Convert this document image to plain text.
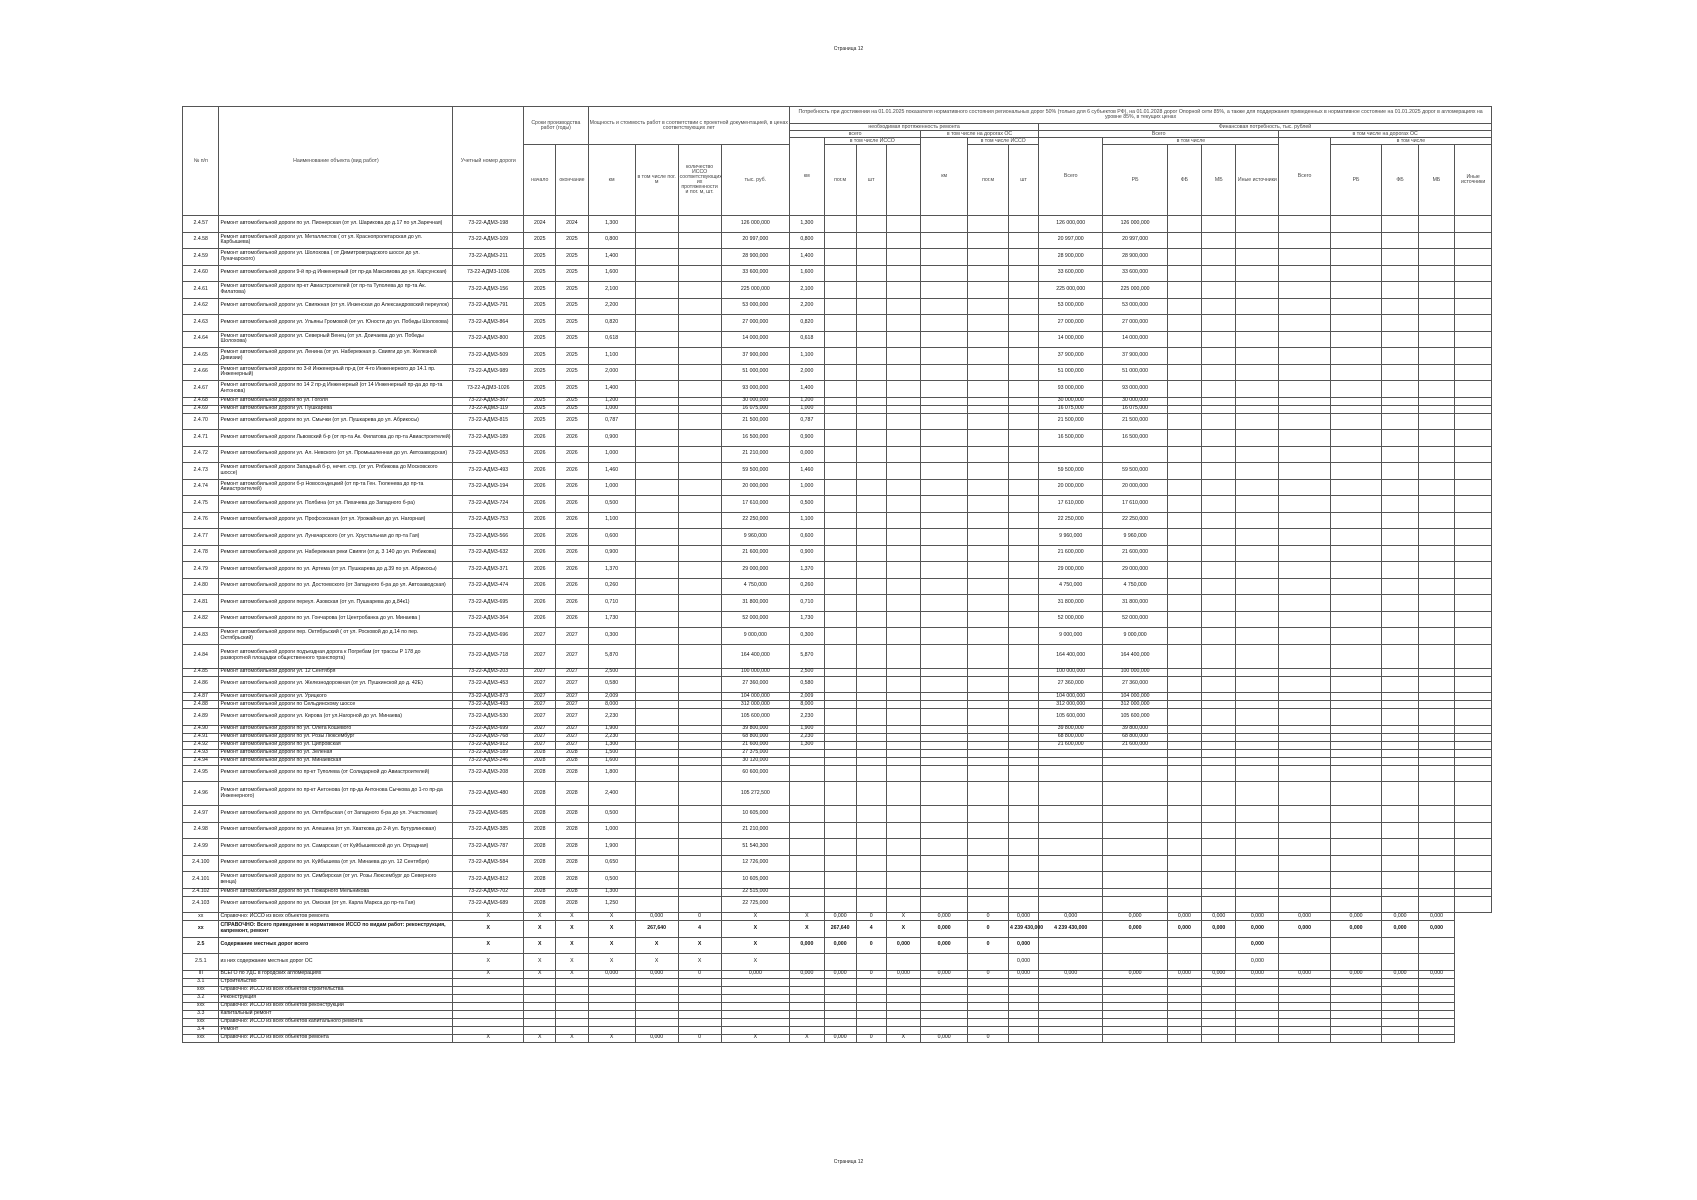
Страница 12
№ п/п	Наименование объекта (вид работ)	Учетный номер дороги	Сроки производства работ (годы)		Мощность и стоимость работ в соответствии с проектной документацией, в ценах соответствующих лет				Потребность при достижении на 01.01.2025 показателя нормативного состояния региональных дорог 50% (только для 6 субъектов РФ), на 01.01.2028 дорог Опорной сети 85%, а также для поддержания приведенных в нормативное состояние на 01.01.2025 дорог в агломерациях на уровне 85%, в текущих ценах																
									необходимая протяженность ремонта							Финансовая потребность, тыс. рублей									
									всего				в том числе на дорогах ОС			Всего					в том числе на дорогах ОС				
									км	в том числе ИССО			км	в том числе ИССО		Всего	в том числе				Всего	в том числе			
			начало	окончание	км	в том числе пог. м	количество ИССО соответствующих их протяженности и пог. м, шт.	тыс. руб.		пог.м	шт			пог.м	шт		РБ	ФБ	МБ	Иные источники		РБ	ФБ	МБ	Иные источники
2.4.57	Ремонт автомобильной дороги по ул. Пионерская (от ул. Шарикова до д.17 по ул.Заречная)	73-22-АДМ3-198	2024	2024	1,300			126 000,000	1,300							126 000,000	126 000,000								
2.4.58	Ремонт автомобильной дороги ул. Металлистов ( от ул. Краснопролетарская до ул. Карбышева)	73-22-АДМ3-109	2025	2025	0,800			20 997,000	0,800							20 997,000	20 997,000								
2.4.59	Ремонт автомобильной дороги ул. Шолохова ( от Димитровградского шоссе до ул. Луначарского)	73-22-АДМ3-211	2025	2025	1,400			28 900,000	1,400							28 900,000	28 900,000								
2.4.60	Ремонт автомобильной дороги 9-й пр-д Инженерный (от пр-да Максимова до ул. Карсунская)	73-22-АДМ3-1036	2025	2025	1,600			33 600,000	1,600							33 600,000	33 600,000								
2.4.61	Ремонт автомобильной дороги пр-кт Авиастроителей (от пр-та Туполева до пр-та Ак. Филатова)	73-22-АДМ3-156	2025	2025	2,100			225 000,000	2,100							225 000,000	225 000,000								
2.4.62	Ремонт автомобильной дороги ул. Свияжная (от ул. Инзенская до Александровский переулок)	73-22-АДМ3-791	2025	2025	2,200			53 000,000	2,200							53 000,000	53 000,000								
2.4.63	Ремонт автомобильной дороги ул. Ульяны Громовой (от ул. Юности до ул. Победы Шолохова)	73-22-АДМ3-864	2025	2025	0,820			27 000,000	0,820							27 000,000	27 000,000								
2.4.64	Ремонт автомобильной дороги ул. Северный Венец (от ул. Доичаева до ул. Победы Шолохова)	73-22-АДМ3-800	2025	2025	0,618			14 000,000	0,618							14 000,000	14 000,000								
2.4.65	Ремонт автомобильной дороги ул. Ленина (от ул. Набережная р. Свияги до ул. Железной Дивизии)	73-22-АДМ3-509	2025	2025	1,100			37 900,000	1,100							37 900,000	37 900,000								
2.4.66	Ремонт автомобильной дороги по 3-й Инженерный пр-д (от 4-го Инженерного до 14.1 пр. Инженерный)	73-22-АДМ3-989	2025	2025	2,000			51 000,000	2,000							51 000,000	51 000,000								
2.4.67	Ремонт автомобильной дороги по 14 2 пр-д Инженерный (от 14 Инженерный пр-да до пр-та Антонова)	73-22-АДМ3-1026	2025	2025	1,400			93 000,000	1,400							93 000,000	93 000,000								
2.4.68	Ремонт автомобильной дороги по ул. Гоголя	73-22-АДМ3-367	2025	2025	1,200			30 000,000	1,200							30 000,000	30 000,000								
2.4.69	Ремонт автомобильной дороги ул. Пушкарева	73-22-АДМ3-119	2025	2025	1,000			16 075,000	1,000							16 075,000	16 075,000								
2.4.70	Ремонт автомобильной дороги по ул. Смычки (от ул. Пушкарева до ул. Абрикосы)	73-22-АДМ3-815	2025	2025	0,787			21 500,000	0,787							21 500,000	21 500,000								
2.4.71	Ремонт автомобильной дороги Львовский б-р (от пр-та Ак. Филатова до пр-та Авиастроителей)	73-22-АДМ3-189	2026	2026	0,900			16 500,000	0,900							16 500,000	16 500,000								
2.4.72	Ремонт автомобильной дороги ул. Ал. Невского (от ул. Промышленная до ул. Автозаводская)	73-22-АДМ3-053	2026	2026	1,000			21 210,000	0,000																
2.4.73	Ремонт автомобильной дороги Западный б-р, нечет. стр. (от ул. Рябикова до Московского шоссе)	73-22-АДМ3-493	2026	2026	1,460			59 500,000	1,460							59 500,000	59 500,000								
2.4.74	Ремонт автомобильной дороги б-р Новосондецкий (от пр-та Ген. Тюленева до пр-та Авиастроителей)	73-22-АДМ3-194	2026	2026	1,000			20 000,000	1,000							20 000,000	20 000,000								
2.4.75	Ремонт автомобильной дороги ул. Полбина (от ул. Пихачева до Западного б-ра)	73-22-АДМ3-724	2026	2026	0,500			17 610,000	0,500							17 610,000	17 610,000								
2.4.76	Ремонт автомобильной дороги ул. Профсоюзная (от ул. Урожайная до ул. Нагорная)	73-22-АДМ3-753	2026	2026	1,100			22 250,000	1,100							22 250,000	22 250,000								
2.4.77	Ремонт автомобильной дороги ул. Луначарского (от ул. Хрустальная до пр-та Гая)	73-22-АДМ3-566	2026	2026	0,600			9 960,000	0,600							9 960,000	9 960,000								
2.4.78	Ремонт автомобильной дороги ул. Набережная реки Свияги (от д. 3 140 до ул. Рябикова)	73-22-АДМ3-632	2026	2026	0,900			21 600,000	0,900							21 600,000	21 600,000								
2.4.79	Ремонт автомобильной дороги по ул. Артема (от ул. Пушкарева до д.39 по ул. Абрикосы)	73-22-АДМ3-371	2026	2026	1,370			29 000,000	1,370							29 000,000	29 000,000								
2.4.80	Ремонт автомобильной дороги по ул. Достоевского (от Западного б-ра до ул. Автозаводская)	73-22-АДМ3-474	2026	2026	0,260			4 750,000	0,260							4 750,000	4 750,000								
2.4.81	Ремонт автомобильной дороги переул. Азовская (от ул. Пушкарева до д.84к1)	73-22-АДМ3-695	2026	2026	0,710			31 800,000	0,710							31 800,000	31 800,000								
2.4.82	Ремонт автомобильной дороги по ул. Гончарова (от Центробанка до ул. Минаева )	73-22-АДМ3-364	2026	2026	1,730			52 000,000	1,730							52 000,000	52 000,000								
2.4.83	Ремонт автомобильной дороги пер. Октябрьский ( от ул. Росковой до д.14 по пер. Октябрьский)	73-22-АДМ3-696	2027	2027	0,300			9 000,000	0,300							9 000,000	9 000,000								
2.4.84	Ремонт автомобильной дороги подъездная дорога к Погребам (от трассы Р 178 до разворотной площадки общественного транспорта)	73-22-АДМ3-718	2027	2027	5,870			164 400,000	5,870							164 400,000	164 400,000								
2.4.85	Ремонт автомобильной дороги ул. 12 Сентября	73-22-АДМ3-203	2027	2027	2,500			100 000,000	2,500							100 000,000	100 000,000								
2.4.86	Ремонт автомобильной дороги ул. Железнодорожная (от ул. Пушкинской до д. 42Е)	73-22-АДМ3-453	2027	2027	0,580			27 360,000	0,580							27 360,000	27 360,000								
2.4.87	Ремонт автомобильной дороги ул. Урицкого	73-22-АДМ3-873	2027	2027	2,009			104 000,000	2,009							104 000,000	104 000,000								
2.4.88	Ремонт автомобильной дороги по Сельдинскому шоссе	73-22-АДМ3-493	2027	2027	8,000			312 000,000	8,000							312 000,000	312 000,000								
2.4.89	Ремонт автомобильной дороги ул. Кирова (от ул.Нагорной до ул. Минаева)	73-22-АДМ3-530	2027	2027	2,230			105 600,000	2,230							105 600,000	105 600,000								
2.4.90	Ремонт автомобильной дороги по ул. Олега Кошевого	73-22-АДМ3-699	2027	2027	1,900			39 800,000	1,900							39 800,000	39 800,000								
2.4.91	Ремонт автомобильной дороги по ул. Розы Люксембург	73-22-АДМ3-768	2027	2027	2,230			68 800,000	2,230							68 800,000	68 800,000								
2.4.92	Ремонт автомобильной дороги по ул. Ципровская	73-22-АДМ3-912	2027	2027	1,300			21 600,000	1,300							21 600,000	21 600,000								
2.4.93	Ремонт автомобильной дороги по ул. Зеленая	73-22-АДМ3-189	2028	2028	1,500			27 375,000																	
2.4.94	Ремонт автомобильной дороги по ул. Минаевская	73-22-АДМ3-246	2028	2028	1,600			30 120,000																	
2.4.95	Ремонт автомобильной дороги по пр-кт Туполева (от Солидарной до Авиастроителей)	73-22-АДМ3-208	2028	2028	1,800			60 600,000																	
2.4.96	Ремонт автомобильной дороги по пр-кт Антонова (от пр-да Антонова Сычкова до 1-го пр-да Инженерного)	73-22-АДМ3-480	2028	2028	2,400			105 272,500																	
2.4.97	Ремонт автомобильной дороги по ул. Октябрьская ( от Западного б-ра до ул. Участковая)	73-22-АДМ3-685	2028	2028	0,500			10 605,000																	
2.4.98	Ремонт автомобильной дороги по ул. Алешина (от ул. Хваткова до 2-й ул. Бутурлиновая)	73-22-АДМ3-385	2028	2028	1,000			21 210,000																	
2.4.99	Ремонт автомобильной дороги по ул. Самарская ( от Куйбышевской до ул. Отрадная)	73-22-АДМ3-787	2028	2028	1,900			51 540,300																	
2.4.100	Ремонт автомобильной дороги по ул. Куйбышева (от ул. Минаева до ул. 12 Сентября)	73-22-АДМ3-584	2028	2028	0,650			12 726,000																	
2.4.101	Ремонт автомобильной дороги по ул. Симбирская (от ул. Розы Люксембург до Северного венца)	73-22-АДМ3-812	2028	2028	0,500			10 605,000																	
2.4.102	Ремонт автомобильной дороги по ул. Пожарного Мельникова	73-22-АДМ3-702	2028	2028	1,300			22 515,000																	
2.4.103	Ремонт автомобильной дороги по ул. Омская (от ул. Карла Маркса до пр-та Гая)	73-22-АДМ3-689	2028	2028	1,250			22 725,000																	
хх	Справочно: ИССО из всех объектов ремонта	X	X	X	X	0,000	0	X	X	0,000	0	X	0,000	0	0,000	0,000	0,000	0,000	0,000	0,000	0,000	0,000	0,000	0,000	
хх	СПРАВОЧНО: Всего приведение в нормативное ИССО по видам работ: реконструкция, капремонт, ремонт	X	X	X	X	267,640	4	X	X	267,640	4	X	0,000	0	4 239 430,000	4 239 430,000	0,000	0,000	0,000	0,000	0,000	0,000	0,000	0,000	
2.5	Содержание местных дорог всего	X	X	X	X	X	X	X	0,000	0,000	0	0,000	0,000	0	0,000					0,000					
2.5.1	из них содержание местных дорог ОС	X	X	X	X	X	X	X							0,000					0,000					
III	ВСЕГО по УДС в городских агломерациях	X	X	X	0,000	0,000	0	0,000	0,000	0,000	0	0,000	0,000	0	0,000	0,000	0,000	0,000	0,000	0,000	0,000	0,000	0,000	0,000	
3.1	Строительство																								
ххх	Справочно: ИССО из всех объектов строительства																								
3.2	Реконструкция																								
ххх	Справочно: ИССО из всех объектов реконструкции																								
3.3	Капитальный ремонт																								
ххх	Справочно: ИССО из всех объектов капитального ремонта																								
3.4	Ремонт																								
ххх	Справочно: ИССО из всех объектов ремонта	X	X	X	X	0,000	0	X	X	0,000	0	X	0,000	0											
Страница 12
